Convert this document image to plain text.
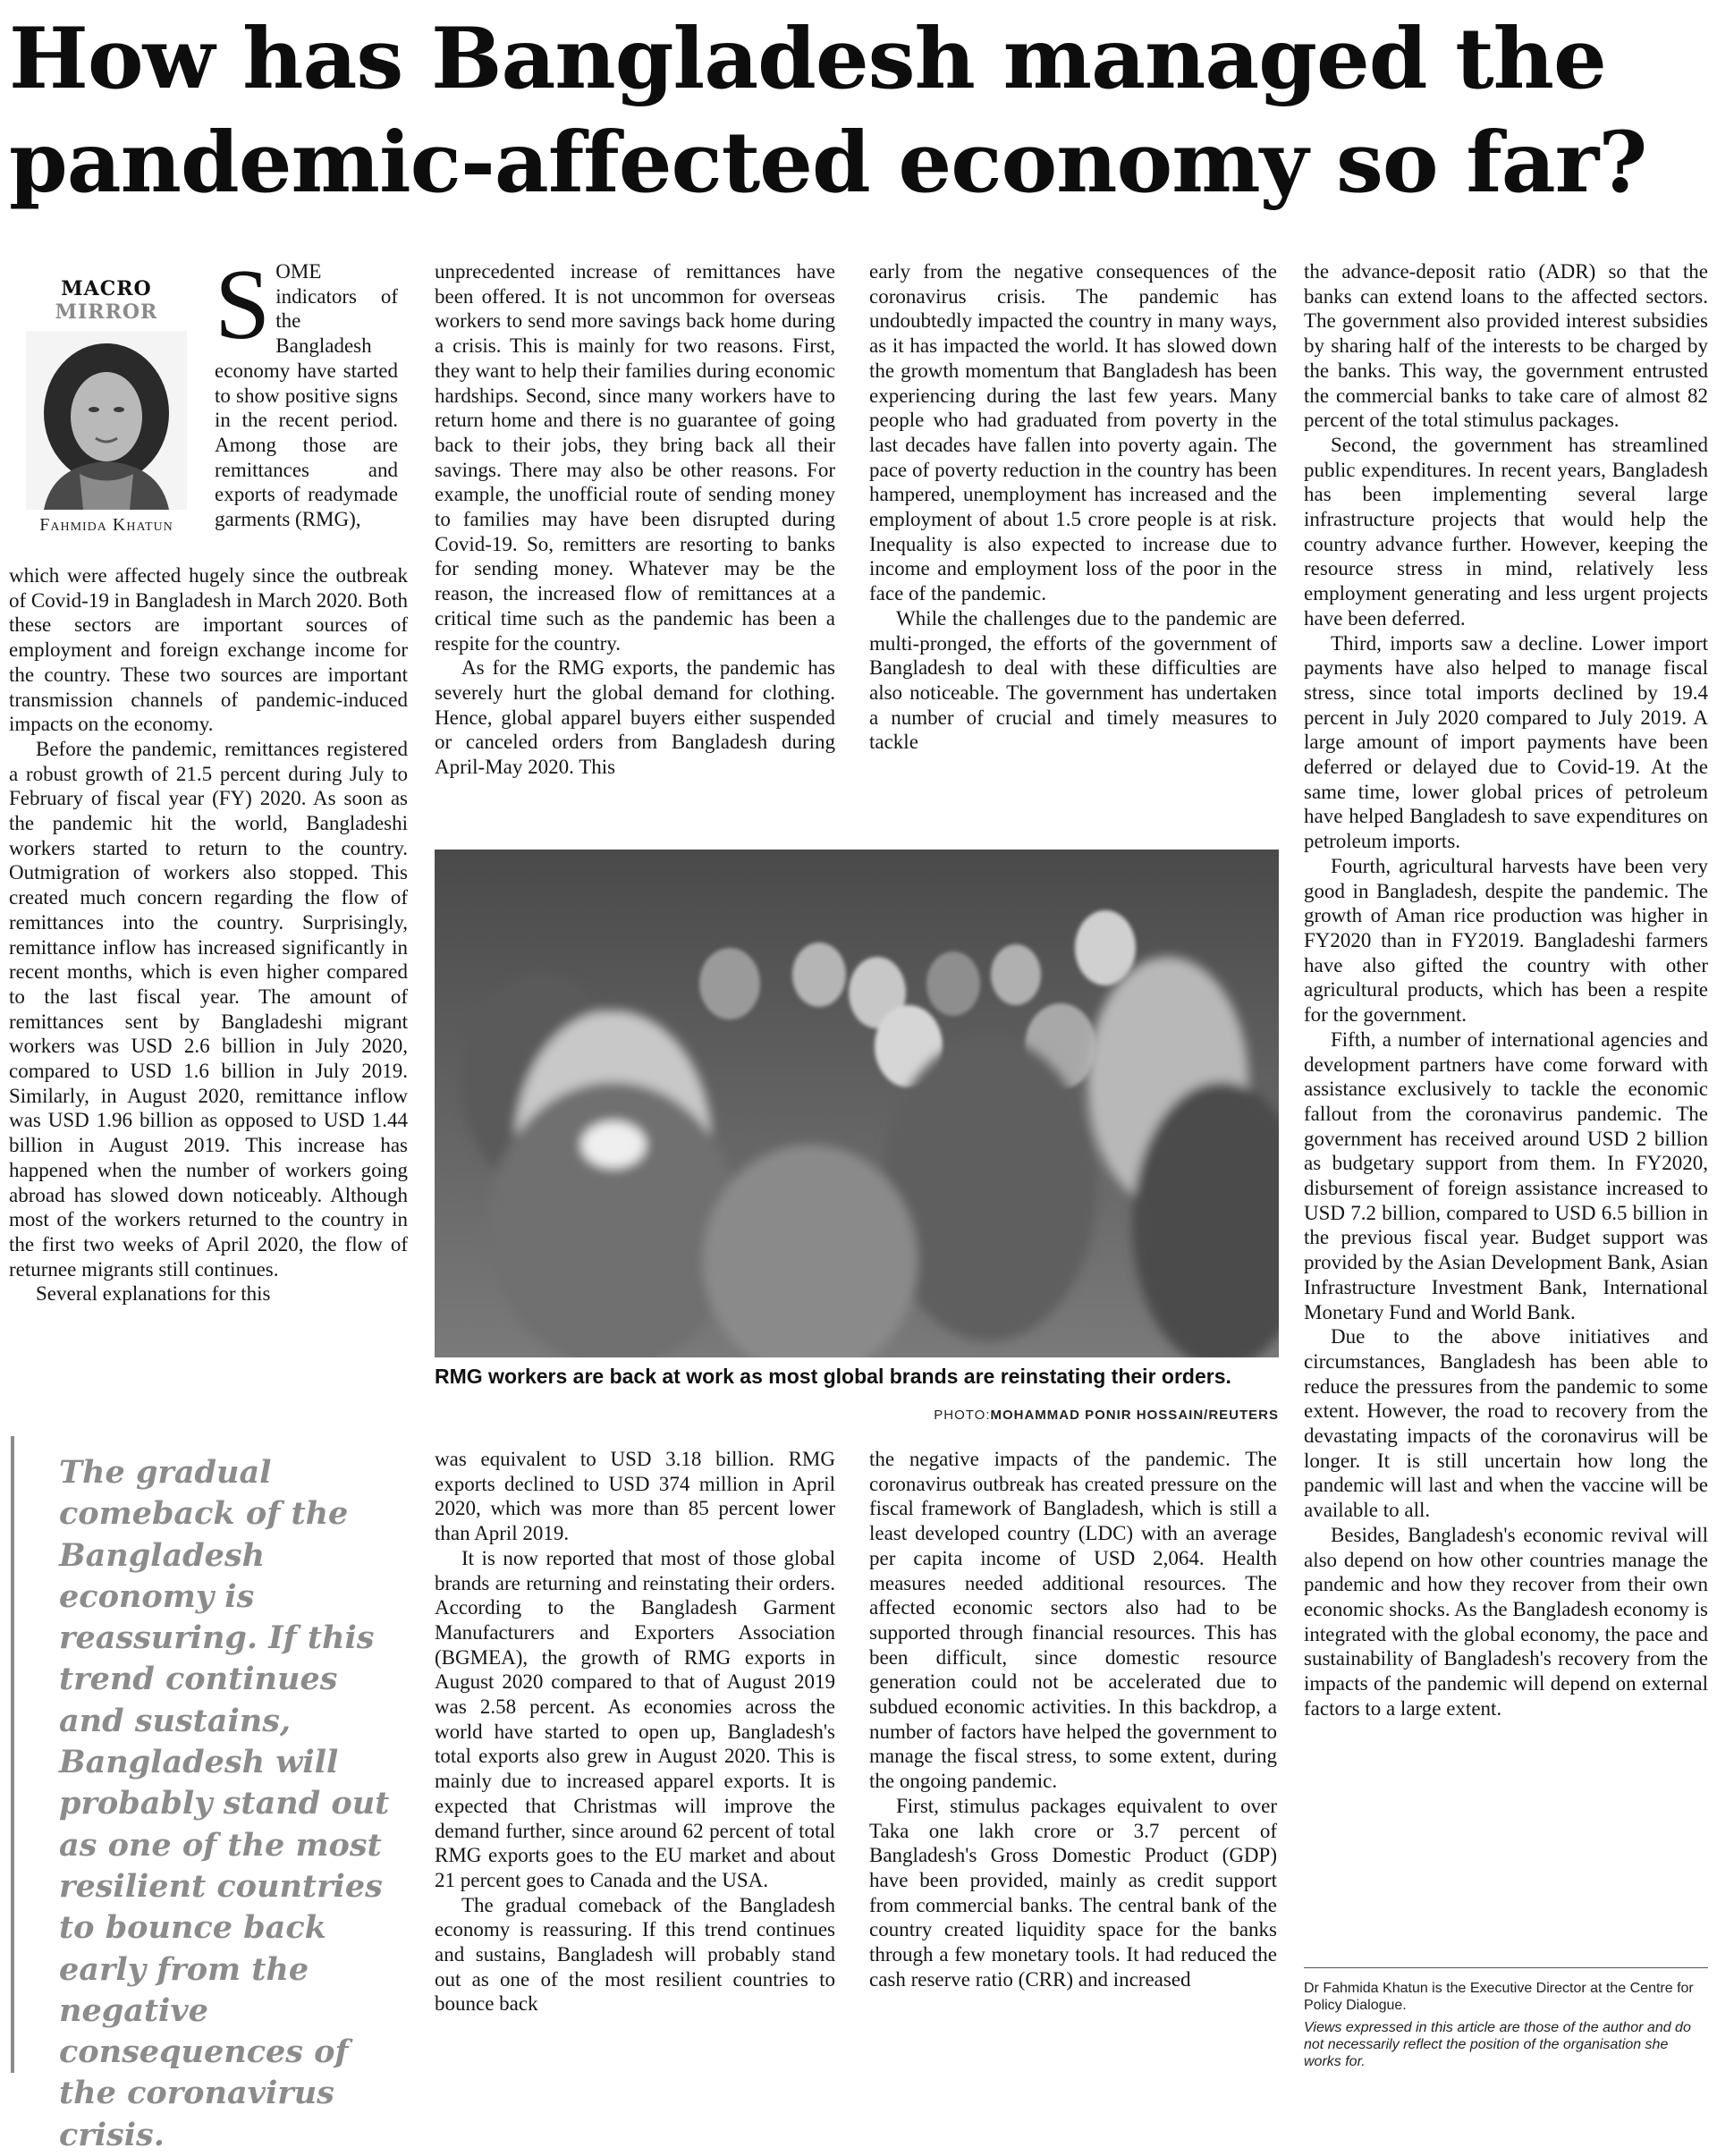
How has Bangladesh managed the pandemic-affected economy so far?
MACRO
MIRROR
Fahmida Khatun
SOME indicators of the Bangladesh economy have started to show positive signs in the recent period. Among those are remittances and exports of readymade garments (RMG),

which were affected hugely since the outbreak of Covid-19 in Bangladesh in March 2020. Both these sectors are important sources of employment and foreign exchange income for the country. These two sources are important transmission channels of pandemic-induced impacts on the economy.

Before the pandemic, remittances registered a robust growth of 21.5 percent during July to February of fiscal year (FY) 2020. As soon as the pandemic hit the world, Bangladeshi workers started to return to the country. Outmigration of workers also stopped. This created much concern regarding the flow of remittances into the country. Surprisingly, remittance inflow has increased significantly in recent months, which is even higher compared to the last fiscal year. The amount of remittances sent by Bangladeshi migrant workers was USD 2.6 billion in July 2020, compared to USD 1.6 billion in July 2019. Similarly, in August 2020, remittance inflow was USD 1.96 billion as opposed to USD 1.44 billion in August 2019. This increase has happened when the number of workers going abroad has slowed down noticeably. Although most of the workers returned to the country in the first two weeks of April 2020, the flow of returnee migrants still continues.

Several explanations for this

unprecedented increase of remittances have been offered. It is not uncommon for overseas workers to send more savings back home during a crisis. This is mainly for two reasons. First, they want to help their families during economic hardships. Second, since many workers have to return home and there is no guarantee of going back to their jobs, they bring back all their savings. There may also be other reasons. For example, the unofficial route of sending money to families may have been disrupted during Covid-19. So, remitters are resorting to banks for sending money. Whatever may be the reason, the increased flow of remittances at a critical time such as the pandemic has been a respite for the country.

As for the RMG exports, the pandemic has severely hurt the global demand for clothing. Hence, global apparel buyers either suspended or canceled orders from Bangladesh during April-May 2020. This

early from the negative consequences of the coronavirus crisis. The pandemic has undoubtedly impacted the country in many ways, as it has impacted the world. It has slowed down the growth momentum that Bangladesh has been experiencing during the last few years. Many people who had graduated from poverty in the last decades have fallen into poverty again. The pace of poverty reduction in the country has been hampered, unemployment has increased and the employment of about 1.5 crore people is at risk. Inequality is also expected to increase due to income and employment loss of the poor in the face of the pandemic.

While the challenges due to the pandemic are multi-pronged, the efforts of the government of Bangladesh to deal with these difficulties are also noticeable. The government has undertaken a number of crucial and timely measures to tackle

RMG workers are back at work as most global brands are reinstating their orders.

PHOTO:MOHAMMAD PONIR HOSSAIN/REUTERS

The gradual comeback of the Bangladesh economy is reassuring. If this trend continues and sustains, Bangladesh will probably stand out as one of the most resilient countries to bounce back early from the negative consequences of the coronavirus crisis.

was equivalent to USD 3.18 billion. RMG exports declined to USD 374 million in April 2020, which was more than 85 percent lower than April 2019.

It is now reported that most of those global brands are returning and reinstating their orders. According to the Bangladesh Garment Manufacturers and Exporters Association (BGMEA), the growth of RMG exports in August 2020 compared to that of August 2019 was 2.58 percent. As economies across the world have started to open up, Bangladesh's total exports also grew in August 2020. This is mainly due to increased apparel exports. It is expected that Christmas will improve the demand further, since around 62 percent of total RMG exports goes to the EU market and about 21 percent goes to Canada and the USA.

The gradual comeback of the Bangladesh economy is reassuring. If this trend continues and sustains, Bangladesh will probably stand out as one of the most resilient countries to bounce back

the negative impacts of the pandemic. The coronavirus outbreak has created pressure on the fiscal framework of Bangladesh, which is still a least developed country (LDC) with an average per capita income of USD 2,064. Health measures needed additional resources. The affected economic sectors also had to be supported through financial resources. This has been difficult, since domestic resource generation could not be accelerated due to subdued economic activities. In this backdrop, a number of factors have helped the government to manage the fiscal stress, to some extent, during the ongoing pandemic.

First, stimulus packages equivalent to over Taka one lakh crore or 3.7 percent of Bangladesh's Gross Domestic Product (GDP) have been provided, mainly as credit support from commercial banks. The central bank of the country created liquidity space for the banks through a few monetary tools. It had reduced the cash reserve ratio (CRR) and increased

the advance-deposit ratio (ADR) so that the banks can extend loans to the affected sectors. The government also provided interest subsidies by sharing half of the interests to be charged by the banks. This way, the government entrusted the commercial banks to take care of almost 82 percent of the total stimulus packages.

Second, the government has streamlined public expenditures. In recent years, Bangladesh has been implementing several large infrastructure projects that would help the country advance further. However, keeping the resource stress in mind, relatively less employment generating and less urgent projects have been deferred.

Third, imports saw a decline. Lower import payments have also helped to manage fiscal stress, since total imports declined by 19.4 percent in July 2020 compared to July 2019. A large amount of import payments have been deferred or delayed due to Covid-19. At the same time, lower global prices of petroleum have helped Bangladesh to save expenditures on petroleum imports.

Fourth, agricultural harvests have been very good in Bangladesh, despite the pandemic. The growth of Aman rice production was higher in FY2020 than in FY2019. Bangladeshi farmers have also gifted the country with other agricultural products, which has been a respite for the government.

Fifth, a number of international agencies and development partners have come forward with assistance exclusively to tackle the economic fallout from the coronavirus pandemic. The government has received around USD 2 billion as budgetary support from them. In FY2020, disbursement of foreign assistance increased to USD 7.2 billion, compared to USD 6.5 billion in the previous fiscal year. Budget support was provided by the Asian Development Bank, Asian Infrastructure Investment Bank, International Monetary Fund and World Bank.

Due to the above initiatives and circumstances, Bangladesh has been able to reduce the pressures from the pandemic to some extent. However, the road to recovery from the devastating impacts of the coronavirus will be longer. It is still uncertain how long the pandemic will last and when the vaccine will be available to all.

Besides, Bangladesh's economic revival will also depend on how other countries manage the pandemic and how they recover from their own economic shocks. As the Bangladesh economy is integrated with the global economy, the pace and sustainability of Bangladesh's recovery from the impacts of the pandemic will depend on external factors to a large extent.

Dr Fahmida Khatun is the Executive Director at the Centre for Policy Dialogue.

Views expressed in this article are those of the author and do not necessarily reflect the position of the organisation she works for.
